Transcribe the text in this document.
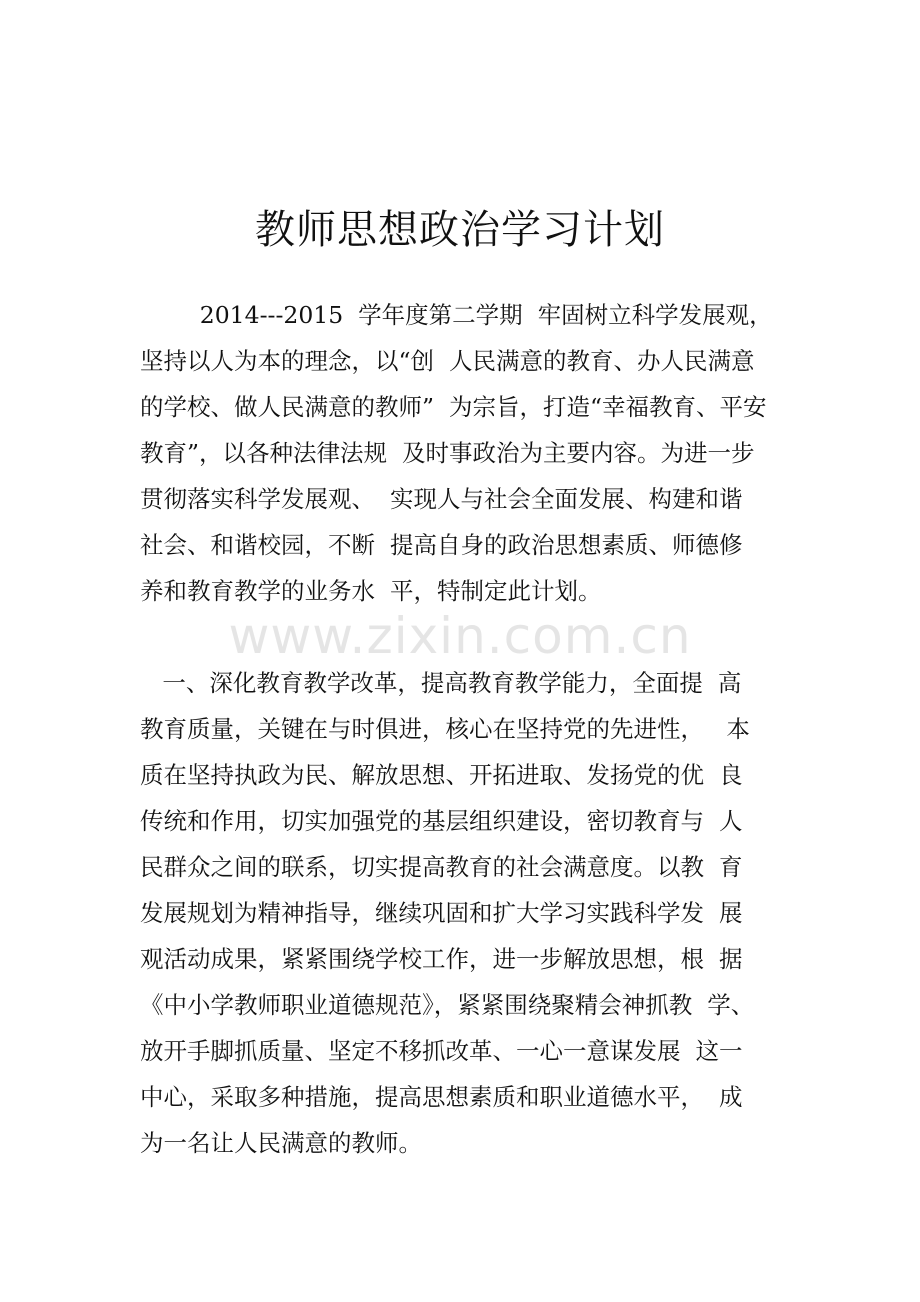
教师思想政治学习计划
2014---2015  学年度第二学期  牢固树立科学发展观，
坚持以人为本的理念，以“创  人民满意的教育、办人民满意
的学校、做人民满意的教师”  为宗旨，打造“幸福教育、平安
教育”，以各种法律法规  及时事政治为主要内容。为进一步
贯彻落实科学发展观、  实现人与社会全面发展、构建和谐
社会、和谐校园，不断  提高自身的政治思想素质、师德修
养和教育教学的业务水  平，特制定此计划。
www.zixin.com.cn
一、深化教育教学改革，提高教育教学能力，全面提  高
教育质量，关键在与时俱进，核心在坚持党的先进性，   本
质在坚持执政为民、解放思想、开拓进取、发扬党的优  良
传统和作用，切实加强党的基层组织建设，密切教育与  人
民群众之间的联系，切实提高教育的社会满意度。以教  育
发展规划为精神指导，继续巩固和扩大学习实践科学发  展
观活动成果，紧紧围绕学校工作，进一步解放思想，根  据
《中小学教师职业道德规范》，紧紧围绕聚精会神抓教  学、
放开手脚抓质量、坚定不移抓改革、一心一意谋发展  这一
中心，采取多种措施，提高思想素质和职业道德水平，  成
为一名让人民满意的教师。
